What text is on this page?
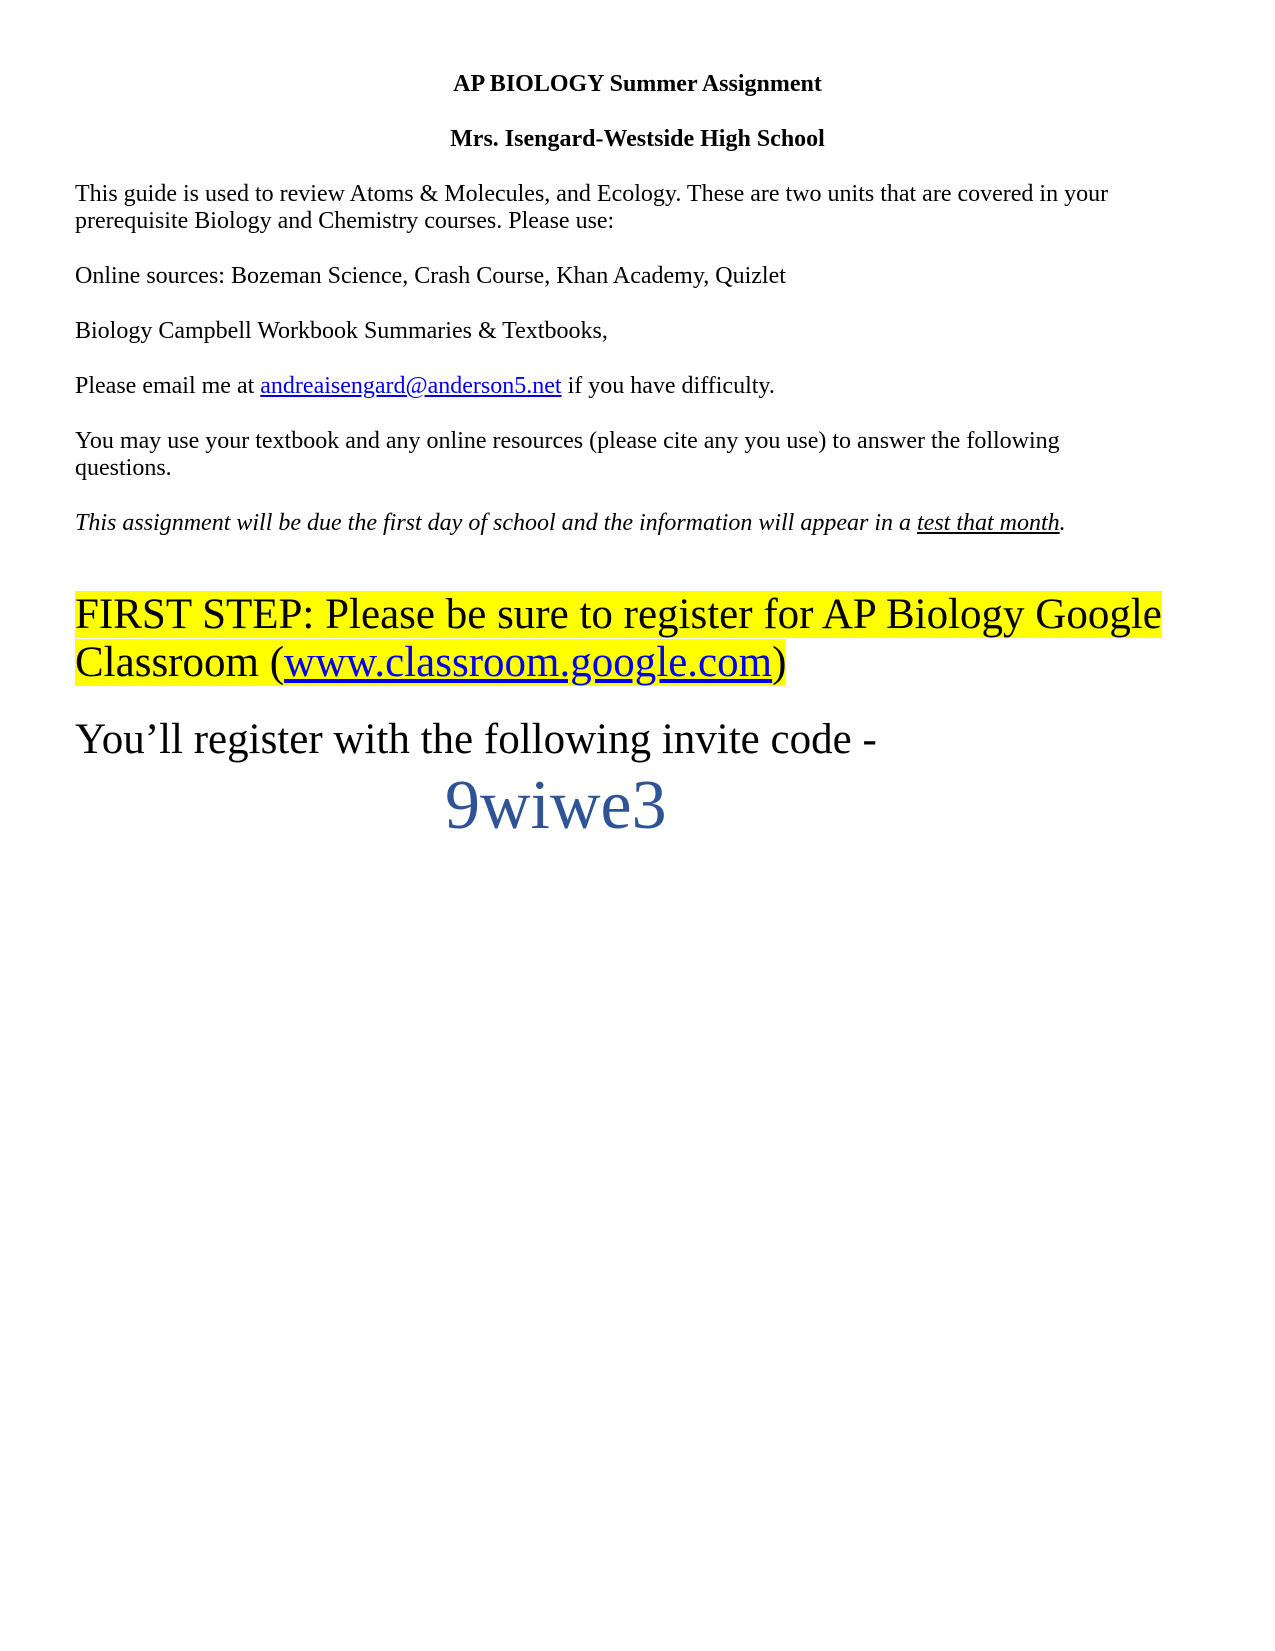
AP BIOLOGY Summer Assignment

Mrs. Isengard-Westside High School

This guide is used to review Atoms & Molecules, and Ecology. These are two units that are covered in your

prerequisite Biology and Chemistry courses. Please use:

Online sources: Bozeman Science, Crash Course, Khan Academy, Quizlet

Biology Campbell Workbook Summaries & Textbooks,

Please email me at andreaisengard@anderson5.net if you have difficulty.

You may use your textbook and any online resources (please cite any you use) to answer the following

questions.

This assignment will be due the first day of school and the information will appear in a test that month.

FIRST STEP: Please be sure to register for AP Biology Google

Classroom (www.classroom.google.com)

You’ll register with the following invite code -

9wiwe3
